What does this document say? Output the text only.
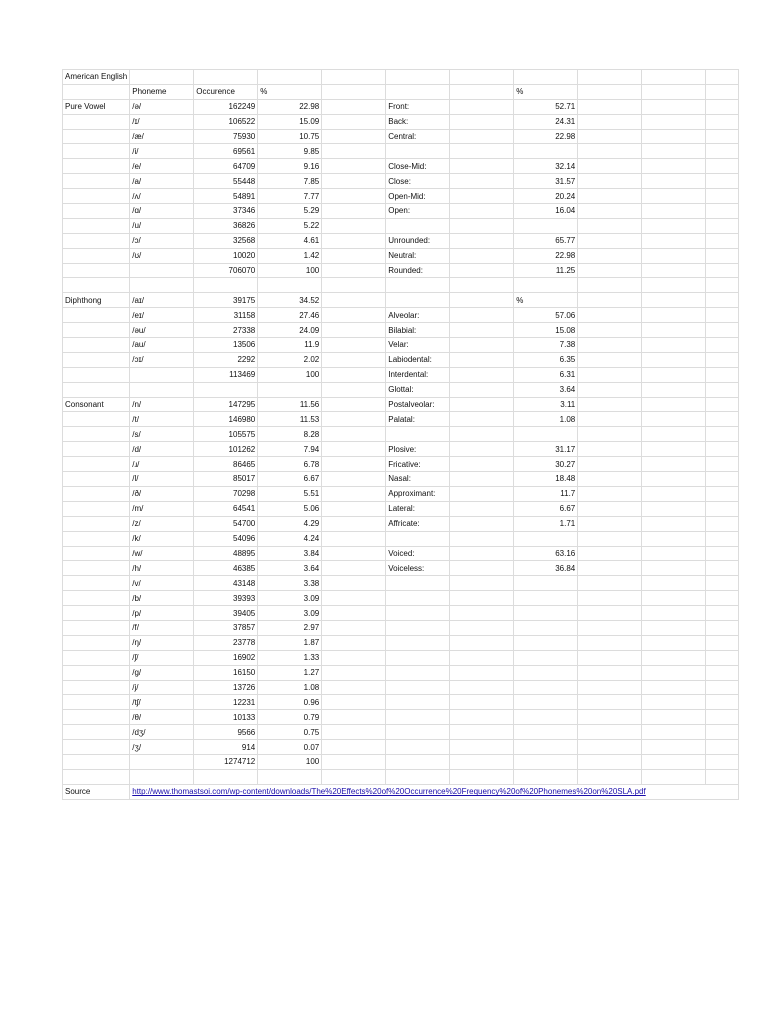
American English										
	Phoneme	Occurence	%				%			
Pure Vowel	/ə/	162249	22.98		Front:		52.71			
	/ɪ/	106522	15.09		Back:		24.31			
	/æ/	75930	10.75		Central:		22.98			
	/i/	69561	9.85							
	/e/	64709	9.16		Close-Mid:		32.14			
	/a/	55448	7.85		Close:		31.57			
	/ʌ/	54891	7.77		Open-Mid:		20.24			
	/ɑ/	37346	5.29		Open:		16.04			
	/u/	36826	5.22							
	/ɔ/	32568	4.61		Unrounded:		65.77			
	/ʊ/	10020	1.42		Neutral:		22.98			
		706070	100		Rounded:		11.25			

Diphthong	/aɪ/	39175	34.52				%			
	/eɪ/	31158	27.46		Alveolar:		57.06			
	/əu/	27338	24.09		Bilabial:		15.08			
	/au/	13506	11.9		Velar:		7.38			
	/ɔɪ/	2292	2.02		Labiodental:		6.35			
		113469	100		Interdental:		6.31			
					Glottal:		3.64			
Consonant	/n/	147295	11.56		Postalveolar:		3.11			
	/t/	146980	11.53		Palatal:		1.08			
	/s/	105575	8.28							
	/d/	101262	7.94		Plosive:		31.17			
	/ɹ/	86465	6.78		Fricative:		30.27			
	/l/	85017	6.67		Nasal:		18.48			
	/ð/	70298	5.51		Approximant:		11.7			
	/m/	64541	5.06		Lateral:		6.67			
	/z/	54700	4.29		Affricate:		1.71			
	/k/	54096	4.24							
	/w/	48895	3.84		Voiced:		63.16			
	/h/	46385	3.64		Voiceless:		36.84			
	/v/	43148	3.38							
	/b/	39393	3.09							
	/p/	39405	3.09							
	/f/	37857	2.97							
	/ŋ/	23778	1.87							
	/ʃ/	16902	1.33							
	/g/	16150	1.27							
	/j/	13726	1.08							
	/tʃ/	12231	0.96							
	/θ/	10133	0.79							
	/dʒ/	9566	0.75							
	/ʒ/	914	0.07							
		1274712	100							

Source	http://www.thomastsoi.com/wp-content/downloads/The%20Effects%20of%20Occurrence%20Frequency%20of%20Phonemes%20on%20SLA.pdf									
